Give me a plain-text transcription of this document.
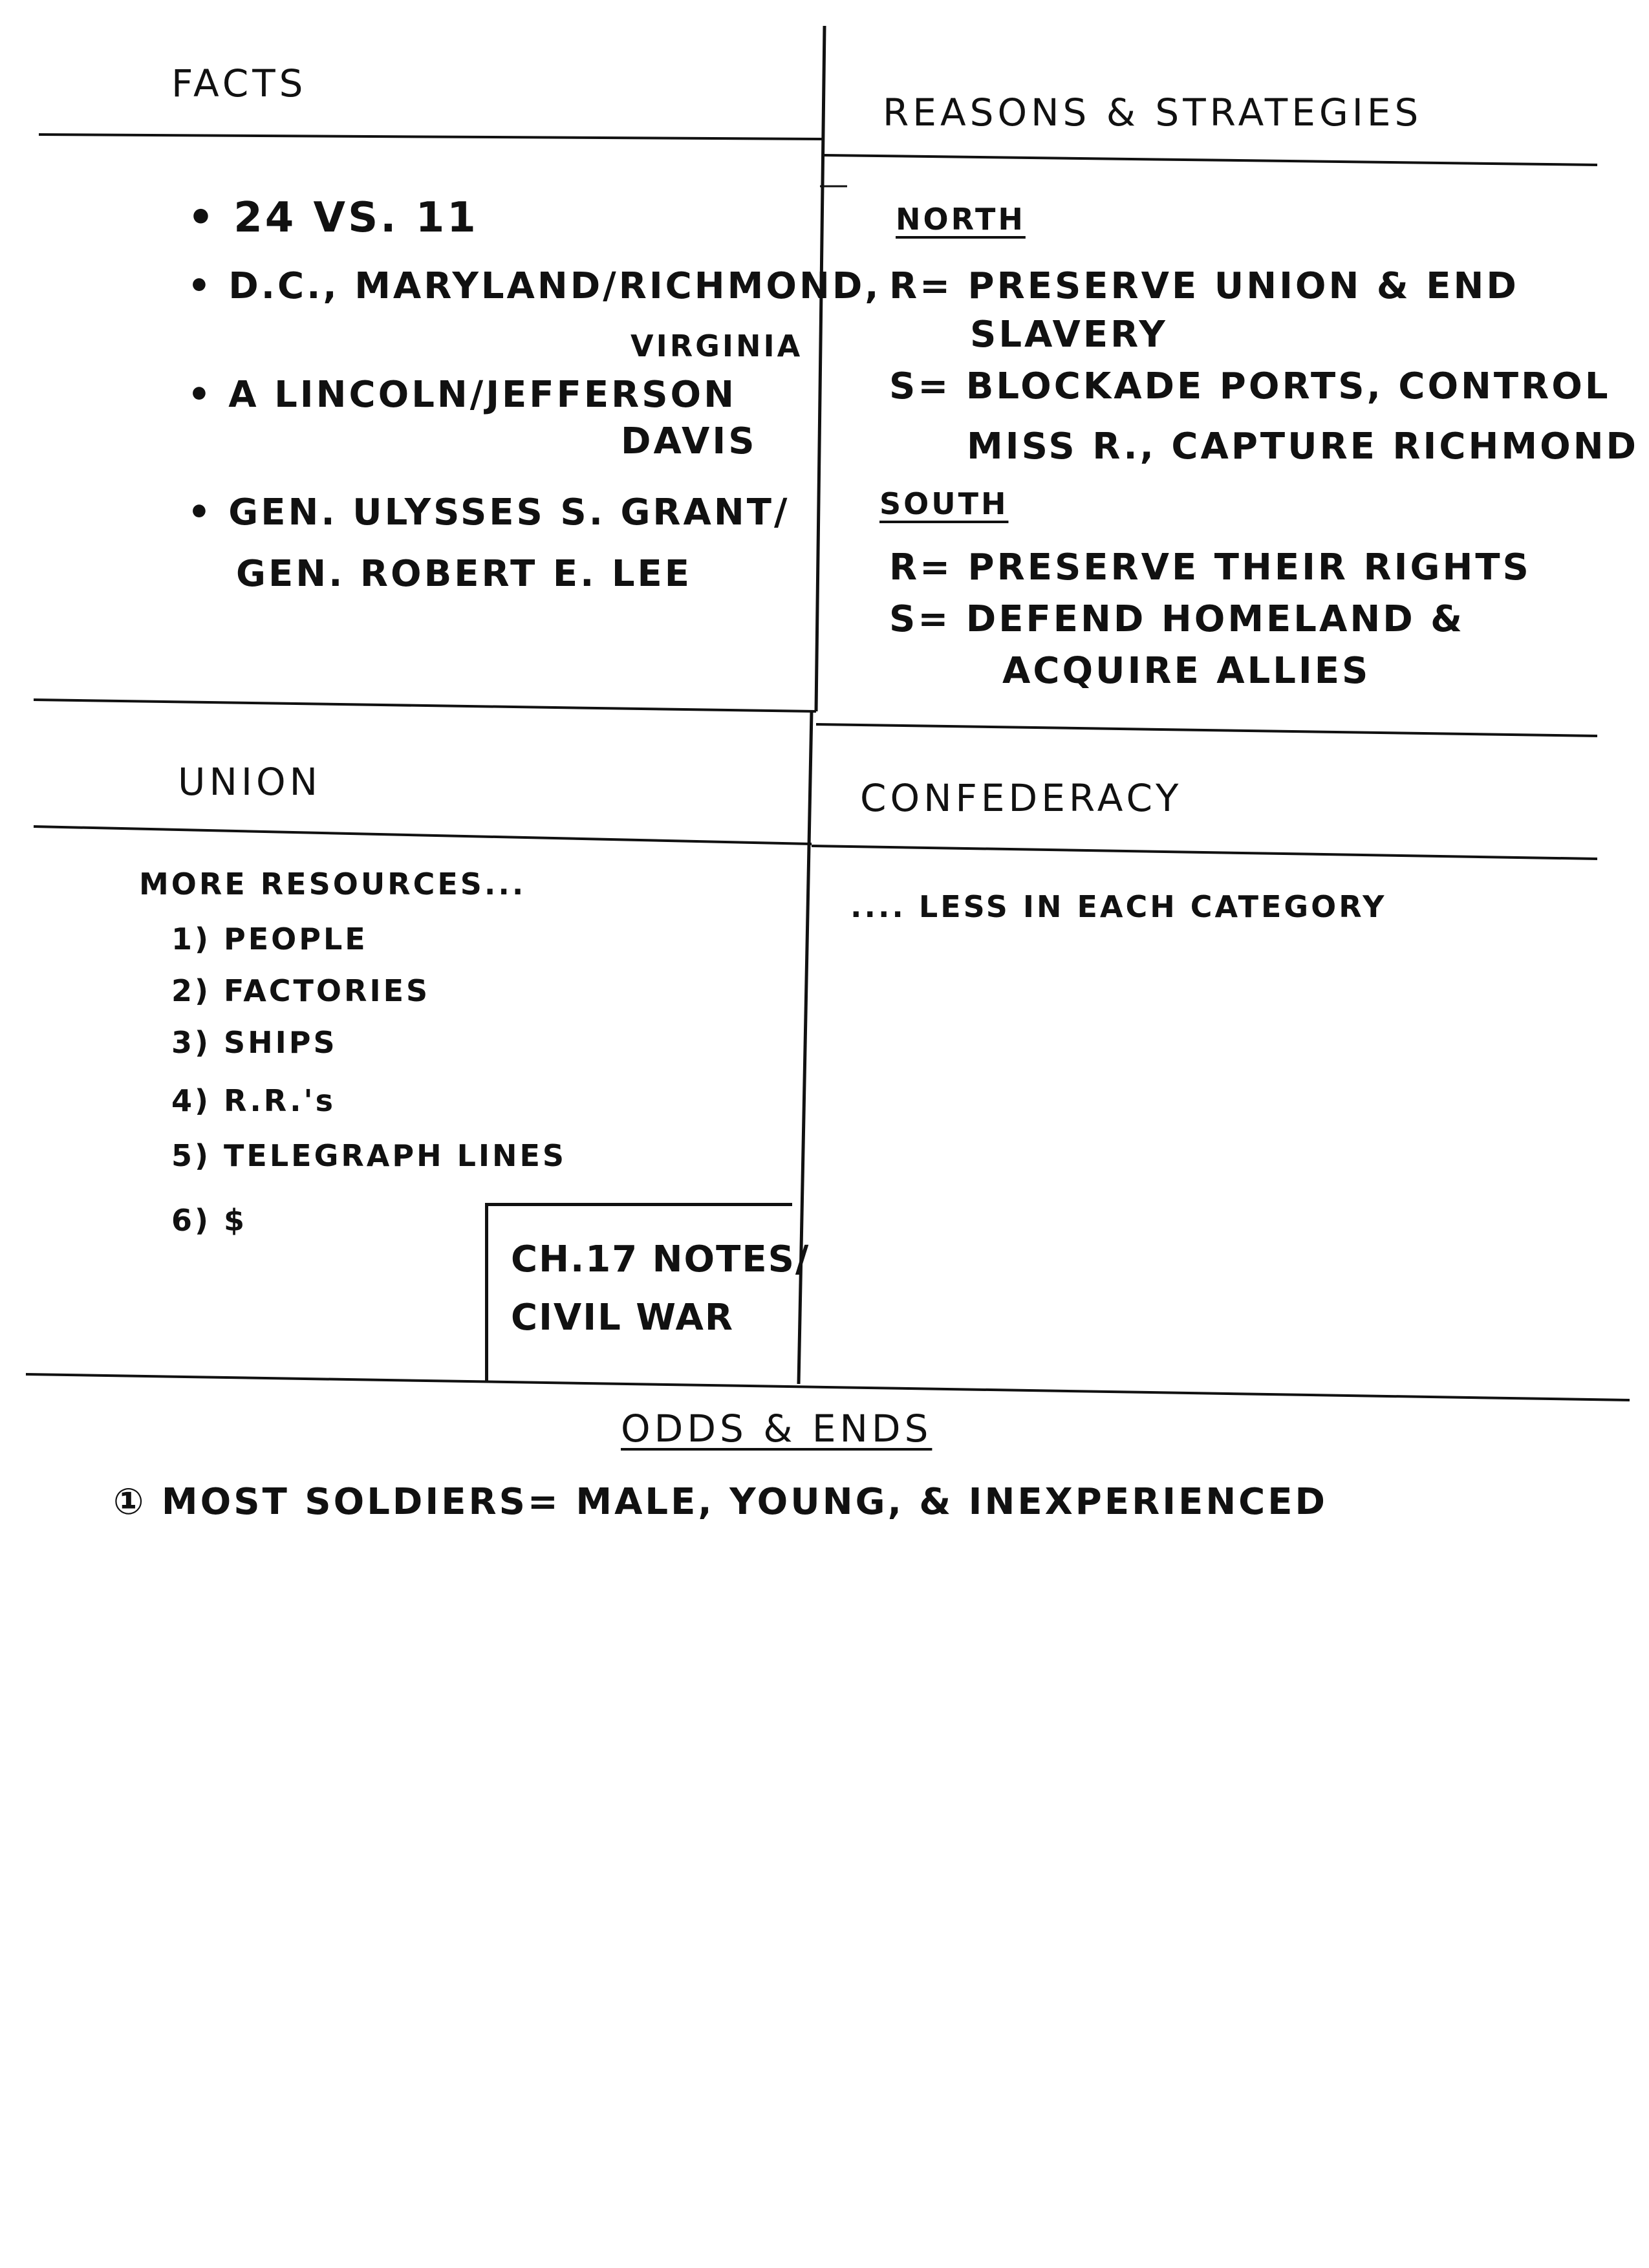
FACTS
REASONS & STRATEGIES
UNION	CONFEDERACY
ODDS & ENDS
• 24 VS. 11
• D.C., MARYLAND/RICHMOND,
VIRGINIA
• A LINCOLN/JEFFERSON
DAVIS
• GEN. ULYSSES S. GRANT/
GEN. ROBERT E. LEE
NORTH
R= PRESERVE UNION & END
SLAVERY
S= BLOCKADE PORTS, CONTROL
MISS R., CAPTURE RICHMOND
SOUTH
R= PRESERVE THEIR RIGHTS
S= DEFEND HOMELAND &
ACQUIRE ALLIES
MORE RESOURCES...
1) PEOPLE
2) FACTORIES
3) SHIPS
4) R.R.'s
5) TELEGRAPH LINES
6) $
.... LESS IN EACH CATEGORY
CH.17 NOTES/
CIVIL WAR
① MOST SOLDIERS= MALE, YOUNG, & INEXPERIENCED
